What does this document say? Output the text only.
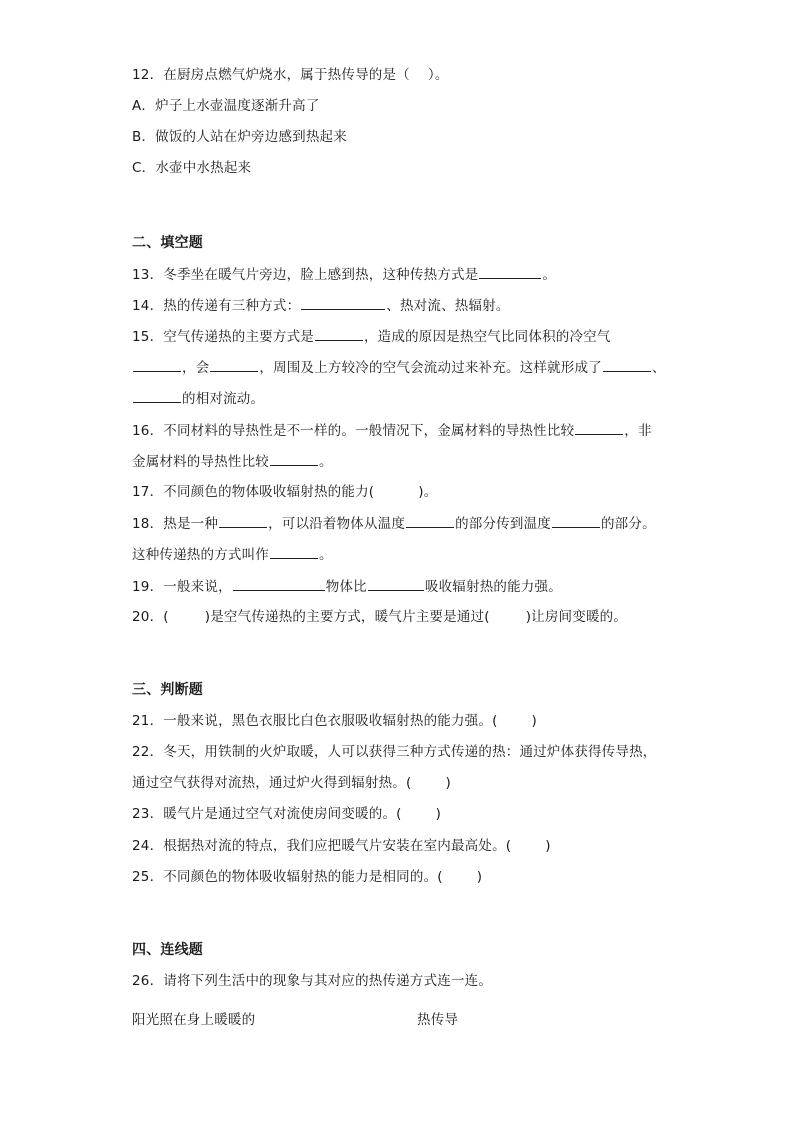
12．在厨房点燃气炉烧水，属于热传导的是（ ）。
A．炉子上水壶温度逐渐升高了
B．做饭的人站在炉旁边感到热起来
C．水壶中水热起来
二、填空题
13．冬季坐在暖气片旁边，脸上感到热，这种传热方式是	。
14．热的传递有三种方式：	、热对流、热辐射。
15．空气传递热的主要方式是	，造成的原因是热空气比同体积的冷空气
，会	，周围及上方较冷的空气会流动过来补充。这样就形成了	、
的相对流动。
16．不同材料的导热性是不一样的。一般情况下，金属材料的导热性比较	，非
金属材料的导热性比较	。
17．不同颜色的物体吸收辐射热的能力(	)。
18．热是一种	，可以沿着物体从温度	的部分传到温度	的部分。
这种传递热的方式叫作	。
19．一般来说，	物体比	吸收辐射热的能力强。
20．(	)是空气传递热的主要方式，暖气片主要是通过(	)让房间变暖的。
三、判断题
21．一般来说，黑色衣服比白色衣服吸收辐射热的能力强。(	)
22．冬天，用铁制的火炉取暖，人可以获得三种方式传递的热：通过炉体获得传导热，
通过空气获得对流热，通过炉火得到辐射热。(	)
23．暖气片是通过空气对流使房间变暖的。(	)
24．根据热对流的特点，我们应把暖气片安装在室内最高处。(	)
25．不同颜色的物体吸收辐射热的能力是相同的。(	)
四、连线题
26．请将下列生活中的现象与其对应的热传递方式连一连。
阳光照在身上暖暖的	热传导
